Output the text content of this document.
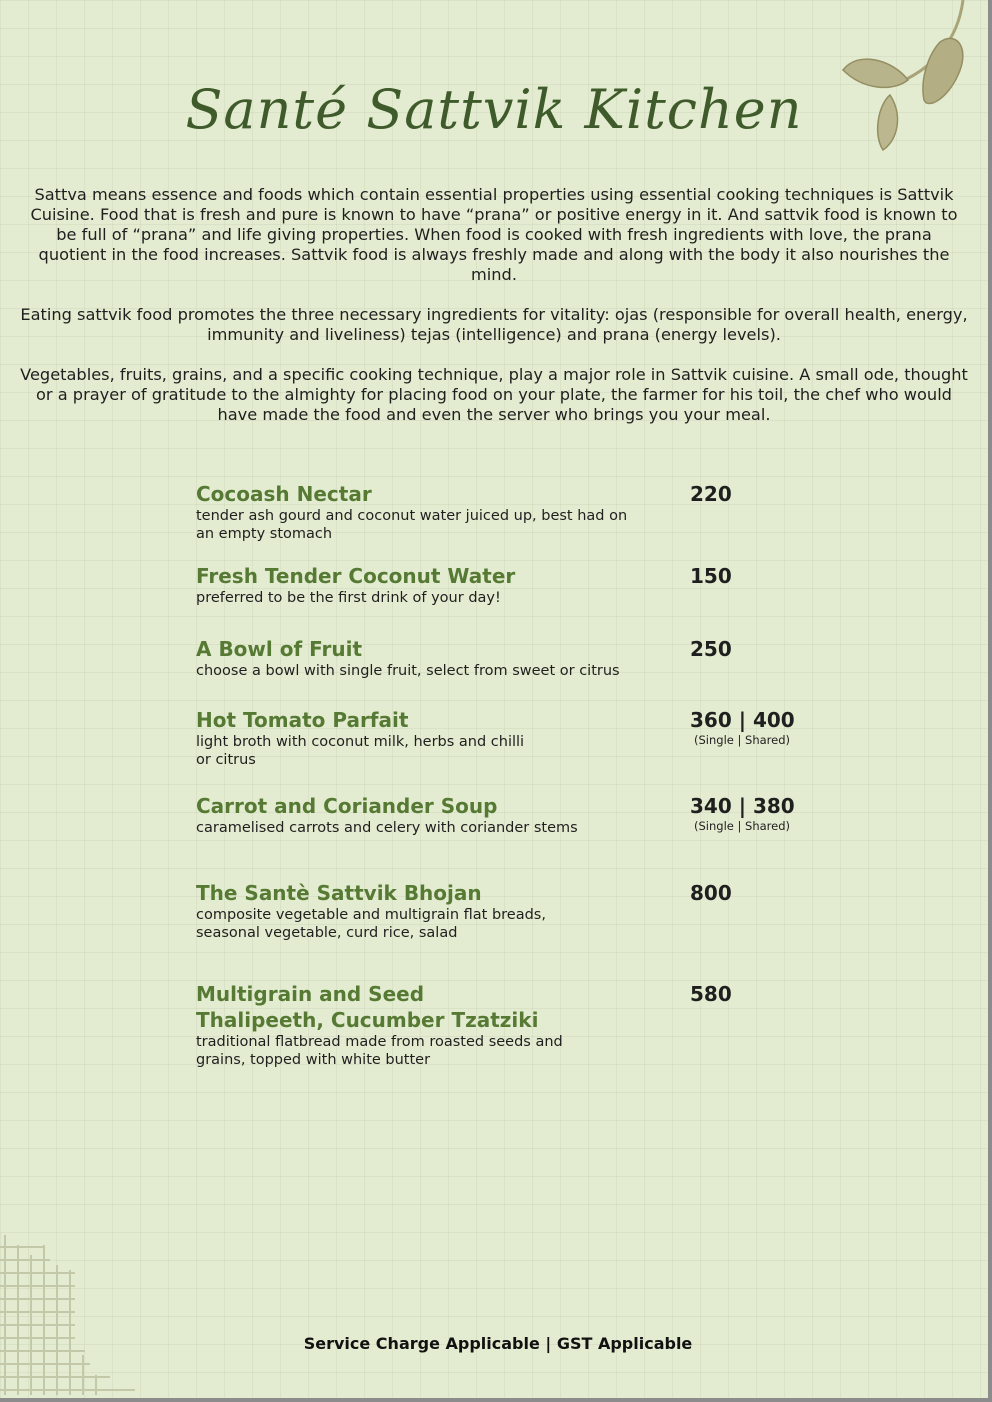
Santé Sattvik Kitchen

Sattva means essence and foods which contain essential properties using essential cooking techniques is Sattvik Cuisine. Food that is fresh and pure is known to have “prana” or positive energy in it. And sattvik food is known to be full of “prana” and life giving properties. When food is cooked with fresh ingredients with love, the prana quotient in the food increases. Sattvik food is always freshly made and along with the body it also nourishes the mind.

Eating sattvik food promotes the three necessary ingredients for vitality: ojas (responsible for overall health, energy, immunity and liveliness) tejas (intelligence) and prana (energy levels).

Vegetables, fruits, grains, and a specific cooking technique, play a major role in Sattvik cuisine. A small ode, thought or a prayer of gratitude to the almighty for placing food on your plate, the farmer for his toil, the chef who would have made the food and even the server who brings you your meal.

Cocoash Nectar
tender ash gourd and coconut water juiced up, best had on an empty stomach
220
Fresh Tender Coconut Water
preferred to be the first drink of your day!
150
A Bowl of Fruit
choose a bowl with single fruit, select from sweet or citrus
250
Hot Tomato Parfait
light broth with coconut milk, herbs and chilli or citrus
360 | 400
(Single | Shared)
Carrot and Coriander Soup
caramelised carrots and celery with coriander stems
340 | 380
(Single | Shared)
The Santè Sattvik Bhojan
composite vegetable and multigrain flat breads, seasonal vegetable, curd rice, salad
800
Multigrain and Seed Thalipeeth, Cucumber Tzatziki
traditional flatbread made from roasted seeds and grains, topped with white butter
580
Service Charge Applicable | GST Applicable
